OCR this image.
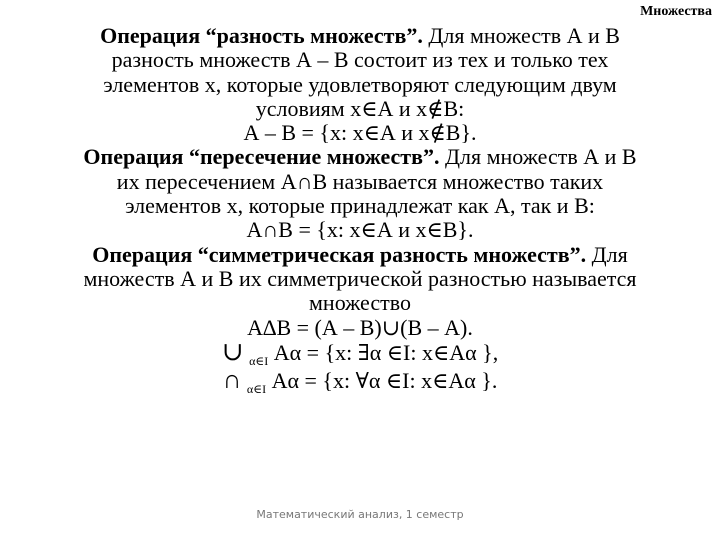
Множества
Операция “разность множеств”. Для множеств А и В
разность множеств А – В состоит из тех и только тех
элементов x, которые удовлетворяют следующим двум
условиям x∈А и x∉В:
А – В = {x: x∈А и x∉В}.
Операция “пересечение множеств”. Для множеств А и В
их пересечением А∩В называется множество таких
элементов x, которые принадлежат как А, так и В:
А∩В = {x: x∈А и x∈В}.
Операция “симметрическая разность множеств”. Для
множеств А и В их симметрической разностью называется
множество
А∆В = (А – В)∪(В – А).
∪ $_{\alpha\in I}$ Аα = {x: ∃α ∈I: x∈Аα },
∩ $_{\alpha\in I}$ Аα = {x: ∀α ∈I: x∈Аα }.
Математический анализ, 1 семестр
